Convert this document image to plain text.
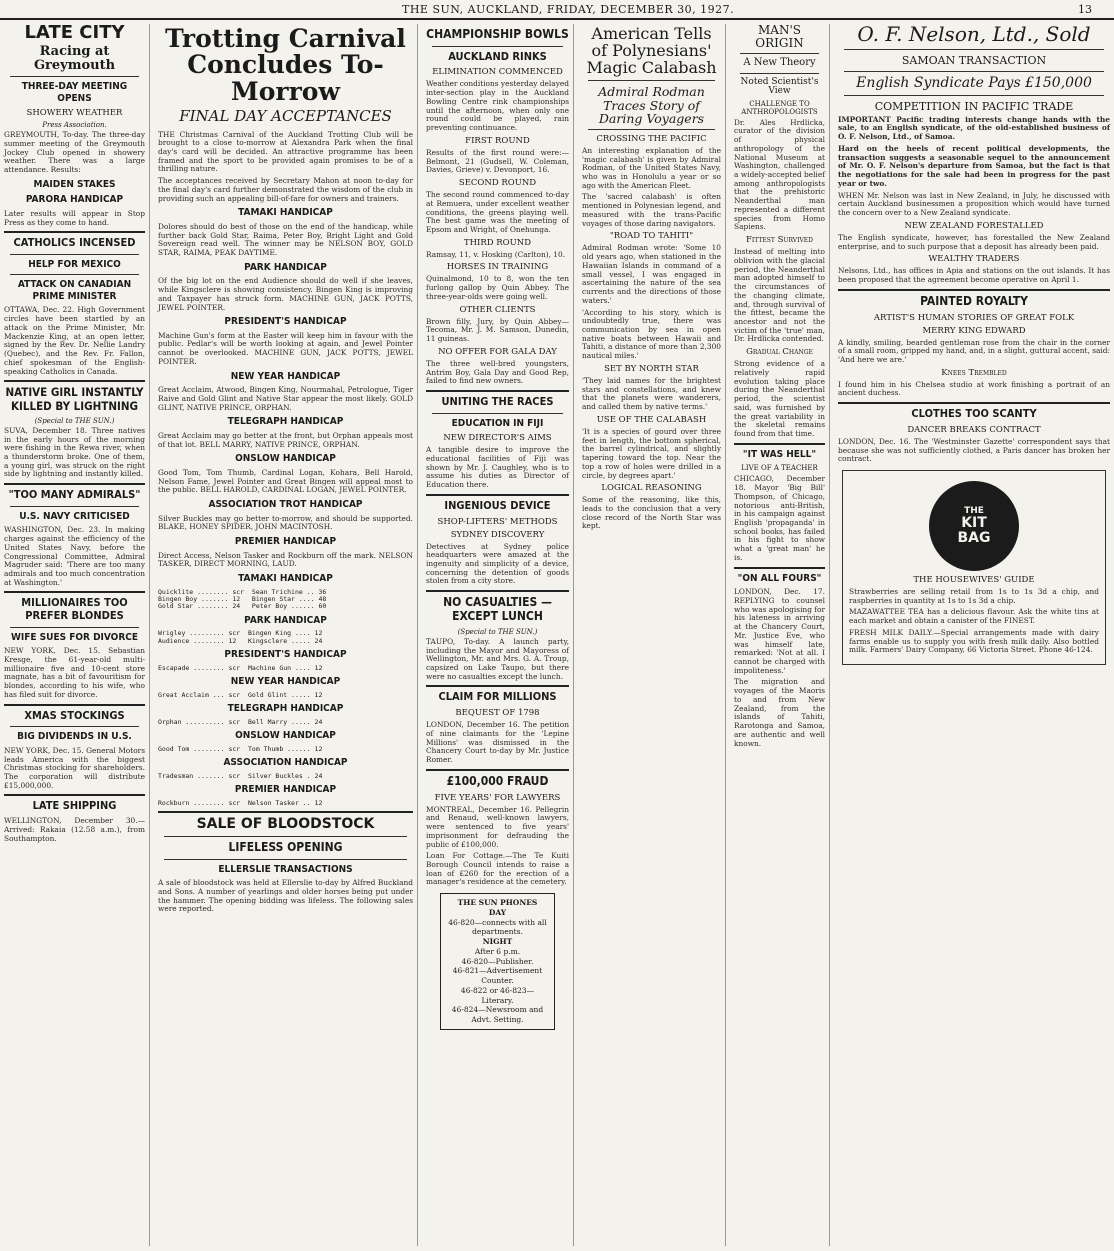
THE SUN, AUCKLAND, FRIDAY, DECEMBER 30, 1927.	13
LATE CITY
Racing at Greymouth
THREE-DAY MEETING OPENS
SHOWERY WEATHER
Press Association.
GREYMOUTH, To-day. The three-day summer meeting of the Greymouth Jockey Club opened in showery weather. There was a large attendance. Results:
MAIDEN STAKES
PARORA HANDICAP
Later results will appear in Stop Press as they come to hand.
CATHOLICS INCENSED
HELP FOR MEXICO
ATTACK ON CANADIAN PRIME MINISTER
OTTAWA, Dec. 22. High Government circles have been startled by an attack on the Prime Minister, Mr. Mackenzie King, at an open letter, signed by the Rev. Dr. Nellie Landry (Quebec), and the Rev. Fr. Fallon, chief spokesman of the English-speaking Catholics in Canada.
NATIVE GIRL INSTANTLY KILLED BY LIGHTNING
(Special to THE SUN.)
SUVA, December 18. Three natives in the early hours of the morning were fishing in the Rewa river, when a thunderstorm broke. One of them, a young girl, was struck on the right side by lightning and instantly killed.
"TOO MANY ADMIRALS"
U.S. NAVY CRITICISED
WASHINGTON, Dec. 23. In making charges against the efficiency of the United States Navy, before the Congressional Committee, Admiral Magruder said: 'There are too many admirals and too much concentration at Washington.'
MILLIONAIRES TOO PREFER BLONDES
WIFE SUES FOR DIVORCE
NEW YORK, Dec. 15. Sebastian Kresge, the 61-year-old multi-millionaire five and 10-cent store magnate, has a bit of favouritism for blondes, according to his wife, who has filed suit for divorce.
XMAS STOCKINGS
BIG DIVIDENDS IN U.S.
NEW YORK, Dec. 15. General Motors leads America with the biggest Christmas stocking for shareholders. The corporation will distribute £15,000,000.
LATE SHIPPING
WELLINGTON, December 30.—Arrived: Rakaia (12.58 a.m.), from Southampton.
Trotting Carnival Concludes To-Morrow
FINAL DAY ACCEPTANCES
THE Christmas Carnival of the Auckland Trotting Club will be brought to a close to-morrow at Alexandra Park when the final day's card will be decided. An attractive programme has been framed and the sport to be provided again promises to be of a thrilling nature.
The acceptances received by Secretary Mahon at noon to-day for the final day's card further demonstrated the wisdom of the club in providing such an appealing bill-of-fare for owners and trainers.
TAMAKI HANDICAP
Dolores should do best of those on the end of the handicap, while further back Gold Star, Raima, Peter Boy, Bright Light and Gold Sovereign read well. The winner may be NELSON BOY, GOLD STAR, RAIMA, PEAK DAYTIME.
PARK HANDICAP
Of the big lot on the end Audience should do well if she leaves, while Kingsclere is showing consistency. Bingen King is improving and Taxpayer has struck form. MACHINE GUN, JACK POTTS, JEWEL POINTER.
PRESIDENT'S HANDICAP
Machine Gun's form at the Easter will keep him in favour with the public. Pedlar's will be worth looking at again, and Jewel Pointer cannot be overlooked. MACHINE GUN, JACK POTTS, JEWEL POINTER.
NEW YEAR HANDICAP
Great Acclaim, Atwood, Bingen King, Nourmahal, Petrologue, Tiger Raive and Gold Glint and Native Star appear the most likely. GOLD GLINT, NATIVE PRINCE, ORPHAN.
TELEGRAPH HANDICAP
Great Acclaim may go better at the front, but Orphan appeals most of that lot. BELL MARRY, NATIVE PRINCE, ORPHAN.
ONSLOW HANDICAP
Good Tom, Tom Thumb, Cardinal Logan, Kohara, Bell Harold, Nelson Fame, Jewel Pointer and Great Bingen will appeal most to the public. BELL HAROLD, CARDINAL LOGAN, JEWEL POINTER.
ASSOCIATION TROT HANDICAP
Silver Buckles may go better to-morrow, and should be supported. BLAKE, HONEY SPIDER, JOHN MACINTOSH.
PREMIER HANDICAP
Direct Access, Nelson Tasker and Rockburn off the mark. NELSON TASKER, DIRECT MORNING, LAUD.
TAMAKI HANDICAP
Quicklite ........ scr  Sean Trichine .. 36
Bingen Boy ....... 12   Bingen Star .... 48
Gold Star ........ 24   Peter Boy ...... 60
PARK HANDICAP
Wrigley ......... scr  Bingen King .... 12
Audience ........ 12   Kingsclere ..... 24
PRESIDENT'S HANDICAP
Escapade ........ scr  Machine Gun .... 12
NEW YEAR HANDICAP
Great Acclaim ... scr  Gold Glint ..... 12
TELEGRAPH HANDICAP
Orphan .......... scr  Bell Marry ..... 24
ONSLOW HANDICAP
Good Tom ........ scr  Tom Thumb ...... 12
ASSOCIATION HANDICAP
Tradesman ....... scr  Silver Buckles . 24
PREMIER HANDICAP
Rockburn ........ scr  Nelson Tasker .. 12
SALE OF BLOODSTOCK
LIFELESS OPENING
ELLERSLIE TRANSACTIONS
A sale of bloodstock was held at Ellerslie to-day by Alfred Buckland and Sons. A number of yearlings and older horses being put under the hammer. The opening bidding was lifeless. The following sales were reported.
CHAMPIONSHIP BOWLS
AUCKLAND RINKS
ELIMINATION COMMENCED
Weather conditions yesterday delayed inter-section play in the Auckland Bowling Centre rink championships until the afternoon, when only one round could be played, rain preventing continuance.
FIRST ROUND
Results of the first round were:— Belmont, 21 (Gudsell, W. Coleman, Davies, Grieve) v. Devonport, 16.
SECOND ROUND
The second round commenced to-day at Remuera, under excellent weather conditions, the greens playing well. The best game was the meeting of Epsom and Wright, of Onehunga.
THIRD ROUND
Ramsay, 11, v. Hosking (Carlton), 10.
HORSES IN TRAINING
Quinalmond, 10 to 8, won the ten furlong gallop by Quin Abbey. The three-year-olds were going well.
OTHER CLIENTS
Brown filly, Jury, by Quin Abbey—Tecoma, Mr. J. M. Samson, Dunedin, 11 guineas.
NO OFFER FOR GALA DAY
The three well-bred youngsters, Antrim Boy, Gala Day and Good Rep, failed to find new owners.
UNITING THE RACES
EDUCATION IN FIJI
NEW DIRECTOR'S AIMS
A tangible desire to improve the educational facilities of Fiji was shown by Mr. J. Caughley, who is to assume his duties as Director of Education there.
INGENIOUS DEVICE
SHOP-LIFTERS' METHODS
SYDNEY DISCOVERY
Detectives at Sydney police headquarters were amazed at the ingenuity and simplicity of a device, concerning the detention of goods stolen from a city store.
NO CASUALTIES —EXCEPT LUNCH
(Special to THE SUN.)
TAUPO, To-day. A launch party, including the Mayor and Mayoress of Wellington, Mr. and Mrs. G. A. Troup, capsized on Lake Taupo, but there were no casualties except the lunch.
CLAIM FOR MILLIONS
BEQUEST OF 1798
LONDON, December 16. The petition of nine claimants for the 'Lepine Millions' was dismissed in the Chancery Court to-day by Mr. Justice Romer.
£100,000 FRAUD
FIVE YEARS' FOR LAWYERS
MONTREAL, December 16. Pellegrin and Renaud, well-known lawyers, were sentenced to five years' imprisonment for defrauding the public of £100,000.
Loan For Cottage.—The Te Kuiti Borough Council intends to raise a loan of £260 for the erection of a manager's residence at the cemetery.
THE SUN PHONES
DAY
46-820—connects with all departments.
NIGHT
After 6 p.m.
46-820—Publisher.
46-821—Advertisement Counter.
46-822 or 46-823—Literary.
46-824—Newsroom and Advt. Setting.
American Tells of Polynesians' Magic Calabash
Admiral Rodman Traces Story of Daring Voyagers
CROSSING THE PACIFIC
An interesting explanation of the 'magic calabash' is given by Admiral Rodman, of the United States Navy, who was in Honolulu a year or so ago with the American Fleet.
The 'sacred calabash' is often mentioned in Polynesian legend, and measured with the trans-Pacific voyages of those daring navigators.
"ROAD TO TAHITI"
Admiral Rodman wrote: 'Some 10 old years ago, when stationed in the Hawaiian Islands in command of a small vessel, I was engaged in ascertaining the nature of the sea currents and the directions of those waters.'
'According to his story, which is undoubtedly true, there was communication by sea in open native boats between Hawaii and Tahiti, a distance of more than 2,300 nautical miles.'
SET BY NORTH STAR
'They laid names for the brightest stars and constellations, and knew that the planets were wanderers, and called them by native terms.'
USE OF THE CALABASH
'It is a species of gourd over three feet in length, the bottom spherical, the barrel cylindrical, and slightly tapering toward the top. Near the top a row of holes were drilled in a circle, by degrees apart.'
LOGICAL REASONING
Some of the reasoning, like this, leads to the conclusion that a very close record of the North Star was kept.
MAN'S ORIGIN
A New Theory
Noted Scientist's View
CHALLENGE TO ANTHROPOLOGISTS
Dr. Ales Hrdlicka, curator of the division of physical anthropology of the National Museum at Washington, challenged a widely-accepted belief among anthropologists that the prehistoric Neanderthal man represented a different species from Homo Sapiens.
Fittest Survived
Instead of melting into oblivion with the glacial period, the Neanderthal man adopted himself to the circumstances of the changing climate, and, through survival of the fittest, became the ancestor and not the victim of the 'true' man, Dr. Hrdlicka contended.
Gradual Change
Strong evidence of a relatively rapid evolution taking place during the Neanderthal period, the scientist said, was furnished by the great variability in the skeletal remains found from that time.
"IT WAS HELL"
LIVE OF A TEACHER
CHICAGO, December 18. Mayor 'Big Bill' Thompson, of Chicago, notorious anti-British, in his campaign against English 'propaganda' in school books, has failed in his fight to show what a 'great man' he is.
"ON ALL FOURS"
LONDON, Dec. 17. REPLYING to counsel who was apologising for his lateness in arriving at the Chancery Court, Mr. Justice Eve, who was himself late, remarked: 'Not at all. I cannot be charged with impoliteness.'
The migration and voyages of the Maoris to and from New Zealand, from the islands of Tahiti, Rarotonga and Samoa, are authentic and well known.
O. F. Nelson, Ltd., Sold
SAMOAN TRANSACTION
English Syndicate Pays £150,000
COMPETITION IN PACIFIC TRADE
IMPORTANT Pacific trading interests change hands with the sale, to an English syndicate, of the old-established business of O. F. Nelson, Ltd., of Samoa.
Hard on the heels of recent political developments, the transaction suggests a seasonable sequel to the announcement of Mr. O. F. Nelson's departure from Samoa, but the fact is that the negotiations for the sale had been in progress for the past year or two.
WHEN Mr. Nelson was last in New Zealand, in July, he discussed with certain Auckland businessmen a proposition which would have turned the concern over to a New Zealand syndicate.
NEW ZEALAND FORESTALLED
The English syndicate, however, has forestalled the New Zealand enterprise, and to such purpose that a deposit has already been paid.
WEALTHY TRADERS
Nelsons, Ltd., has offices in Apia and stations on the out islands. It has been proposed that the agreement become operative on April 1.
PAINTED ROYALTY
ARTIST'S HUMAN STORIES OF GREAT FOLK
MERRY KING EDWARD
A kindly, smiling, bearded gentleman rose from the chair in the corner of a small room, gripped my hand, and, in a slight, guttural accent, said: 'And here we are.'
Knees Trembled
I found him in his Chelsea studio at work finishing a portrait of an ancient duchess.
CLOTHES TOO SCANTY
DANCER BREAKS CONTRACT
LONDON, Dec. 16. The 'Westminster Gazette' correspondent says that because she was not sufficiently clothed, a Paris dancer has broken her contract.
THE
KIT
BAG
THE HOUSEWIVES' GUIDE
Strawberries are selling retail from 1s to 1s 3d a chip, and raspberries in quantity at 1s to 1s 3d a chip.
MAZAWATTEE TEA has a delicious flavour. Ask the white tins at each market and obtain a canister of the FINEST.
FRESH MILK DAILY.—Special arrangements made with dairy farms enable us to supply you with fresh milk daily. Also bottled milk. Farmers' Dairy Company, 66 Victoria Street. Phone 46-124.
